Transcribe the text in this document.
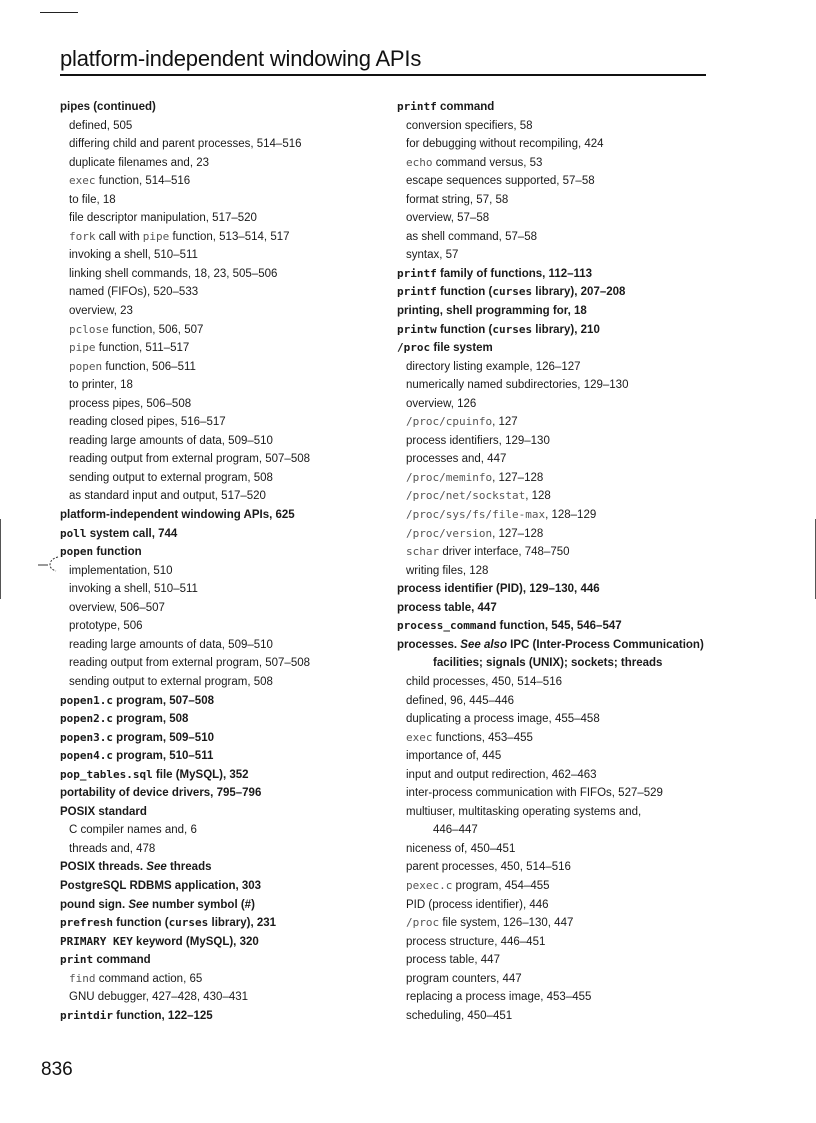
platform-independent windowing APIs
pipes (continued)
defined, 505
differing child and parent processes, 514–516
duplicate filenames and, 23
exec function, 514–516
to file, 18
file descriptor manipulation, 517–520
fork call with pipe function, 513–514, 517
invoking a shell, 510–511
linking shell commands, 18, 23, 505–506
named (FIFOs), 520–533
overview, 23
pclose function, 506, 507
pipe function, 511–517
popen function, 506–511
to printer, 18
process pipes, 506–508
reading closed pipes, 516–517
reading large amounts of data, 509–510
reading output from external program, 507–508
sending output to external program, 508
as standard input and output, 517–520
platform-independent windowing APIs, 625
poll system call, 744
popen function
implementation, 510
invoking a shell, 510–511
overview, 506–507
prototype, 506
reading large amounts of data, 509–510
reading output from external program, 507–508
sending output to external program, 508
popen1.c program, 507–508
popen2.c program, 508
popen3.c program, 509–510
popen4.c program, 510–511
pop_tables.sql file (MySQL), 352
portability of device drivers, 795–796
POSIX standard
C compiler names and, 6
threads and, 478
POSIX threads. See threads
PostgreSQL RDBMS application, 303
pound sign. See number symbol (#)
prefresh function (curses library), 231
PRIMARY KEY keyword (MySQL), 320
print command
find command action, 65
GNU debugger, 427–428, 430–431
printdir function, 122–125
printf command
conversion specifiers, 58
for debugging without recompiling, 424
echo command versus, 53
escape sequences supported, 57–58
format string, 57, 58
overview, 57–58
as shell command, 57–58
syntax, 57
printf family of functions, 112–113
printf function (curses library), 207–208
printing, shell programming for, 18
printw function (curses library), 210
/proc file system
directory listing example, 126–127
numerically named subdirectories, 129–130
overview, 126
/proc/cpuinfo, 127
process identifiers, 129–130
processes and, 447
/proc/meminfo, 127–128
/proc/net/sockstat, 128
/proc/sys/fs/file-max, 128–129
/proc/version, 127–128
schar driver interface, 748–750
writing files, 128
process identifier (PID), 129–130, 446
process table, 447
process_command function, 545, 546–547
processes. See also IPC (Inter-Process Communication)
facilities; signals (UNIX); sockets; threads
child processes, 450, 514–516
defined, 96, 445–446
duplicating a process image, 455–458
exec functions, 453–455
importance of, 445
input and output redirection, 462–463
inter-process communication with FIFOs, 527–529
multiuser, multitasking operating systems and,
446–447
niceness of, 450–451
parent processes, 450, 514–516
pexec.c program, 454–455
PID (process identifier), 446
/proc file system, 126–130, 447
process structure, 446–451
process table, 447
program counters, 447
replacing a process image, 453–455
scheduling, 450–451
836
